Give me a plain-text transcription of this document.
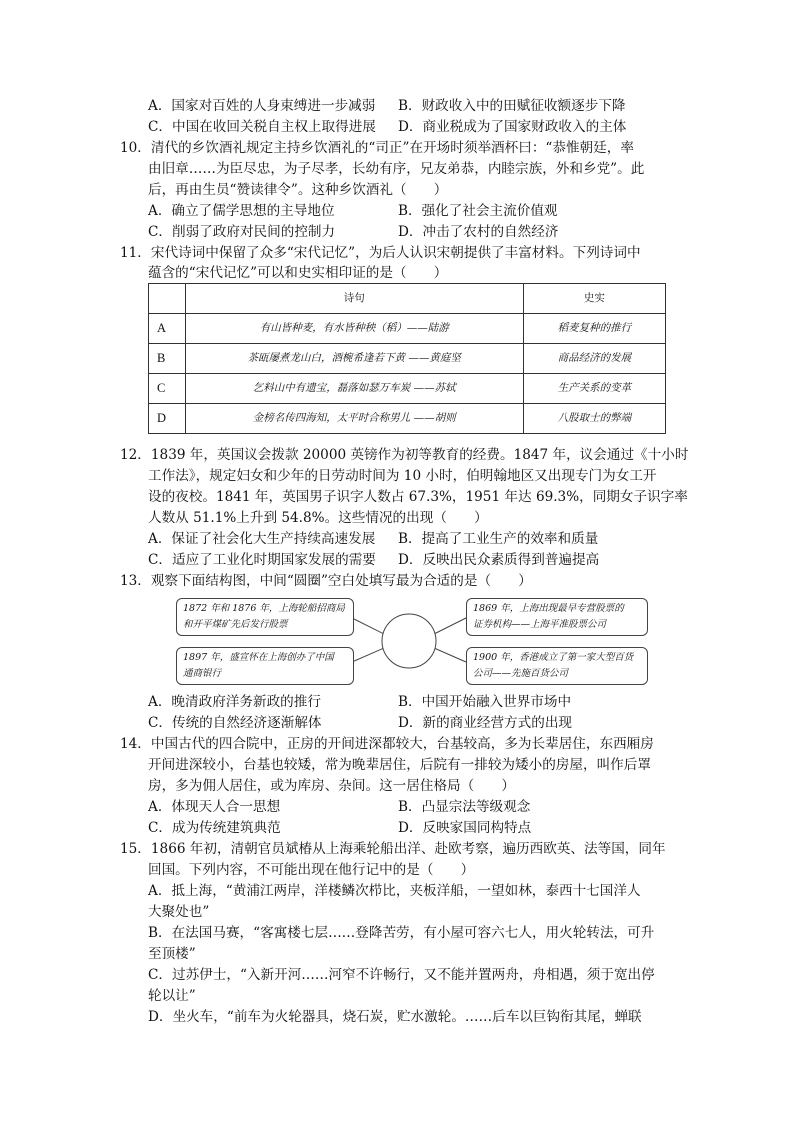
A．国家对百姓的人身束缚进一步减弱 B．财政收入中的田赋征收额逐步下降
C．中国在收回关税自主权上取得进展 D．商业税成为了国家财政收入的主体
10．清代的乡饮酒礼规定主持乡饮酒礼的“司正”在开场时须举酒杯曰：“恭惟朝廷，率
由旧章……为臣尽忠，为子尽孝，长幼有序，兄友弟恭，内睦宗族，外和乡党”。此
后，再由生员“赞读律令”。这种乡饮酒礼（　　）
A．确立了儒学思想的主导地位	B．强化了社会主流价值观
C．削弱了政府对民间的控制力	D．冲击了农村的自然经济
11．宋代诗词中保留了众多“宋代记忆”，为后人认识宋朝提供了丰富材料。下列诗词中
蕴含的“宋代记忆”可以和史实相印证的是（　　）
	诗句	史实
A	有山皆种麦，有水皆种秧（稻）——陆游	稻麦复种的推行
B	茶瓯屡煮龙山白，酒椀希逢若下黄 ——黄庭坚	商品经济的发展
C	乞料山中有遗宝，磊落如瑟万车炭 ——苏轼	生产关系的变革
D	金榜名传四海知，太平时合称男儿 ——胡则	八股取士的弊端
12．1839 年，英国议会拨款 20000 英镑作为初等教育的经费。1847 年，议会通过《十小时
工作法》，规定妇女和少年的日劳动时间为 10 小时，伯明翰地区又出现专门为女工开
设的夜校。1841 年，英国男子识字人数占 67.3%，1951 年达 69.3%，同期女子识字率
人数从 51.1%上升到 54.8%。这些情况的出现（　　）
A．保证了社会化大生产持续高速发展 B．提高了工业生产的效率和质量
C．适应了工业化时期国家发展的需要 D．反映出民众素质得到普遍提高
13．观察下面结构图，中间“圆圈”空白处填写最为合适的是（　　）
1872 年和 1876 年，上海轮船招商局
和开平煤矿先后发行股票
1897 年，盛宣怀在上海创办了中国
通商银行
1869 年，上海出现最早专营股票的
证券机构——上海平准股票公司
1900 年，香港成立了第一家大型百货
公司——先施百货公司
A．晚清政府洋务新政的推行	B．中国开始融入世界市场中
C．传统的自然经济逐渐解体	D．新的商业经营方式的出现
14．中国古代的四合院中，正房的开间进深都较大，台基较高，多为长辈居住，东西厢房
开间进深较小，台基也较矮，常为晚辈居住，后院有一排较为矮小的房屋，叫作后罩
房，多为佣人居住，或为库房、杂间。这一居住格局（　　）
A．体现天人合一思想	B．凸显宗法等级观念
C．成为传统建筑典范	D．反映家国同构特点
15．1866 年初，清朝官员斌椿从上海乘轮船出洋、赴欧考察，遍历西欧英、法等国，同年
回国。下列内容，不可能出现在他行记中的是（　　）
A．抵上海，“黄浦江两岸，洋楼鳞次栉比，夹板洋船，一望如林，泰西十七国洋人
大聚处也”
B．在法国马赛，“客寓楼七层……登降苦劳，有小屋可容六七人，用火轮转法，可升
至顶楼”
C．过苏伊士，“入新开河……河窄不许畅行，又不能并置两舟，舟相遇，须于宽出停
轮以让”
D．坐火车，“前车为火轮器具，烧石炭，贮水激轮。……后车以巨钩衔其尾，蝉联
